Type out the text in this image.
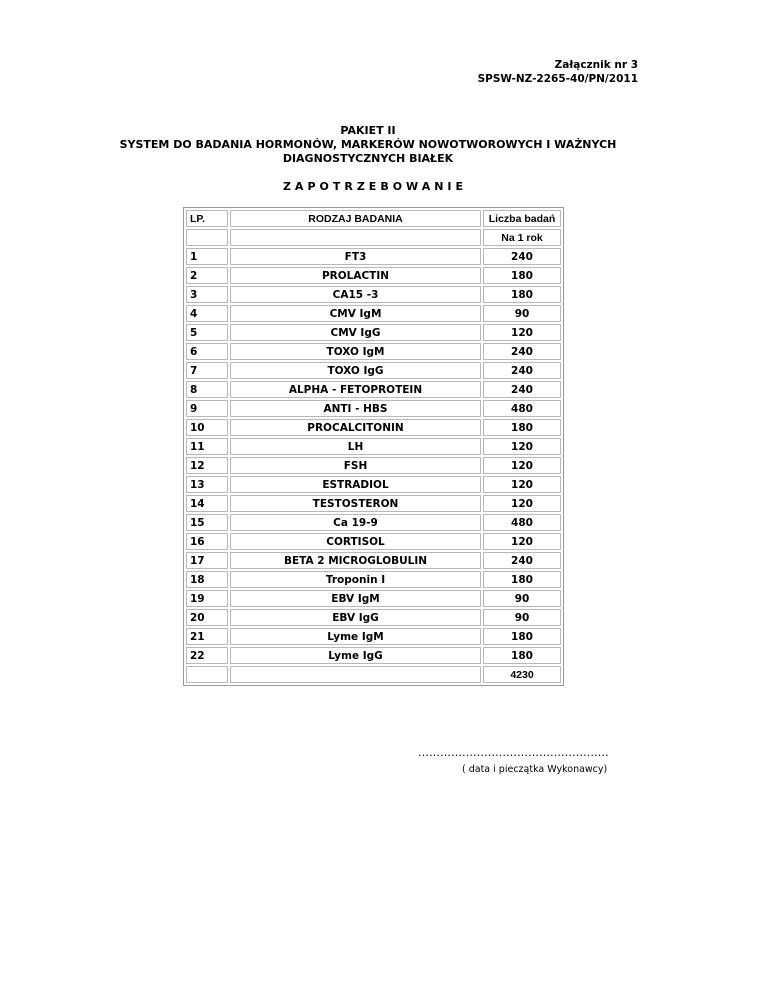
Załącznik nr 3
SPSW-NZ-2265-40/PN/2011
PAKIET II
SYSTEM DO BADANIA HORMONÓW, MARKERÓW NOWOTWOROWYCH I WAŻNYCH
DIAGNOSTYCZNYCH BIAŁEK
ZAPOTRZEBOWANIE
LP.	RODZAJ BADANIA	Liczba badań
		Na 1 rok
1	FT3	240
2	PROLACTIN	180
3	CA15 -3	180
4	CMV IgM	90
5	CMV IgG	120
6	TOXO IgM	240
7	TOXO IgG	240
8	ALPHA - FETOPROTEIN	240
9	ANTI - HBS	480
10	PROCALCITONIN	180
11	LH	120
12	FSH	120
13	ESTRADIOL	120
14	TESTOSTERON	120
15	Ca 19-9	480
16	CORTISOL	120
17	BETA 2 MICROGLOBULIN	240
18	Troponin I	180
19	EBV IgM	90
20	EBV IgG	90
21	Lyme IgM	180
22	Lyme IgG	180
		4230
…………………………………………….
( data i pieczątka Wykonawcy)
